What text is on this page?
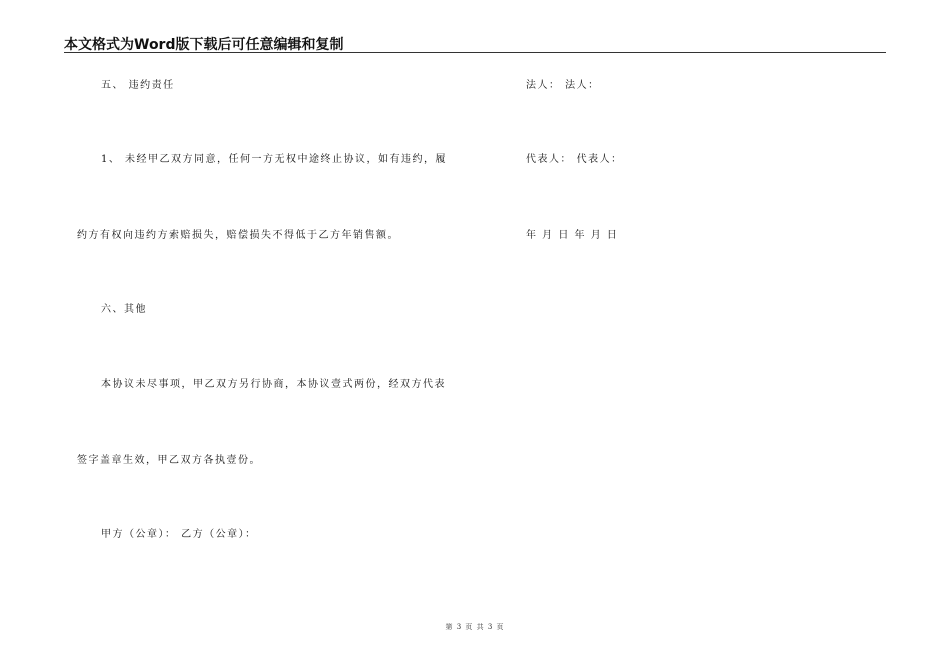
本文格式为Word版下载后可任意编辑和复制
五、 违约责任
1、 未经甲乙双方同意，任何一方无权中途终止协议，如有违约，履
约方有权向违约方索赔损失，赔偿损失不得低于乙方年销售额。
六、其他
本协议未尽事项，甲乙双方另行协商，本协议壹式两份，经双方代表
签字盖章生效，甲乙双方各执壹份。
甲方（公章）： 乙方（公章）：
法人： 法人：
代表人： 代表人：
年 月 日 年 月 日
第 3 页 共 3 页
